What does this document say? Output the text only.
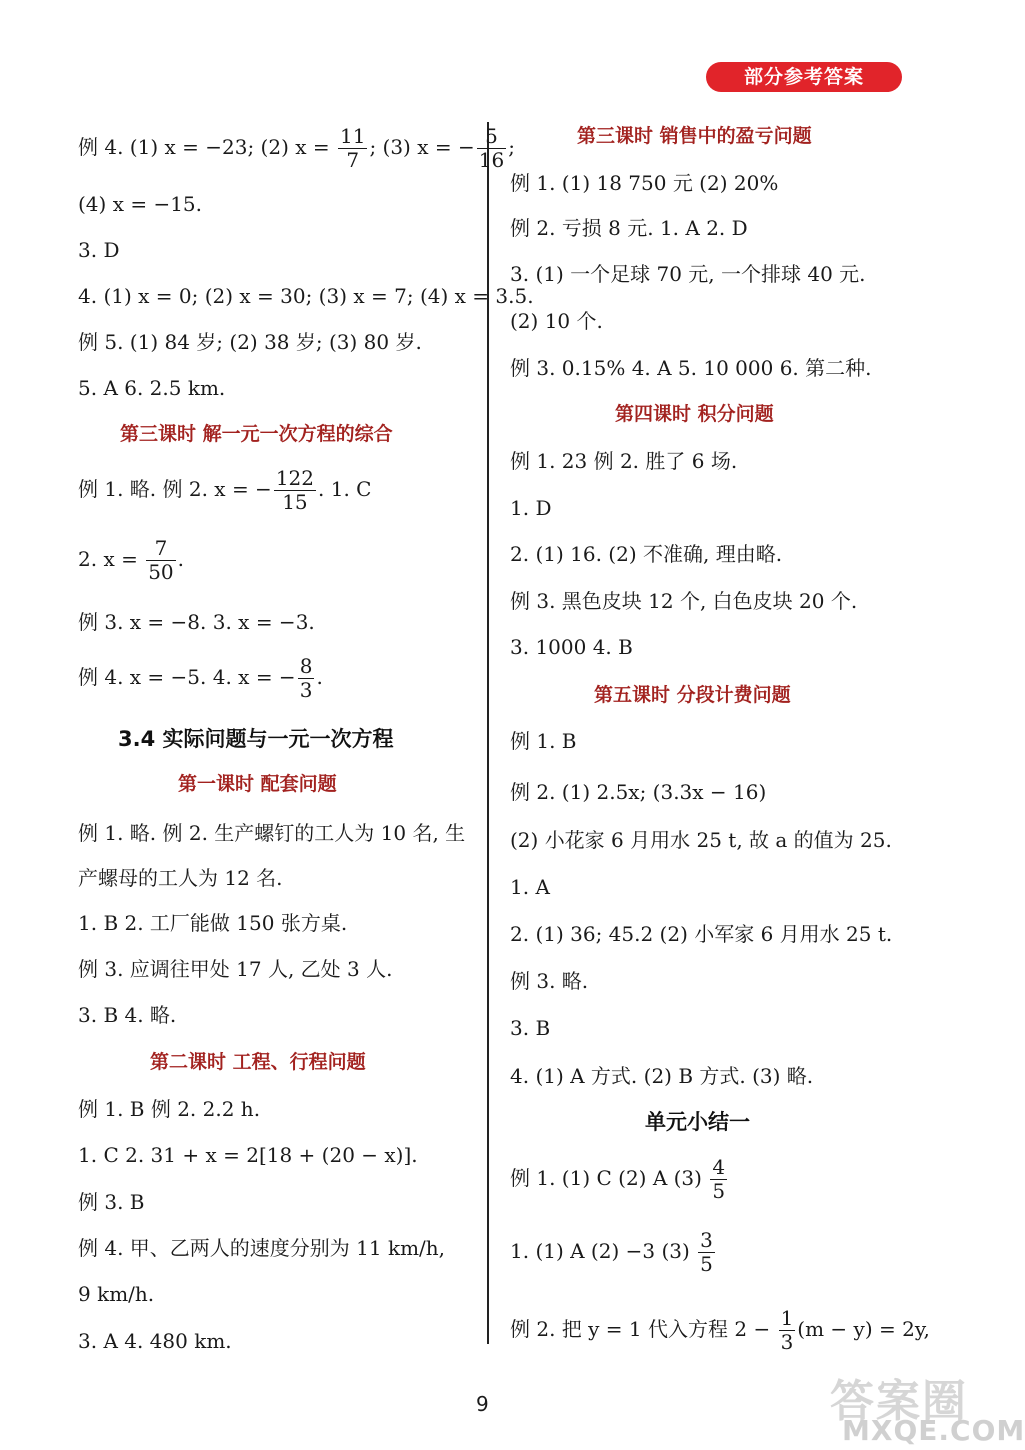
部分参考答案
例 4. (1) x = −23; (2) $x = \frac{11}{7}$ ; (3) x = − $\frac{5}{16}$ ;
(4) x = −15.
3. D
4. (1) x = 0; (2) x = 30; (3) x = 7; (4) x = 3.5.
例 5. (1) 84 岁; (2) 38 岁; (3) 80 岁.
5. A 6. 2.5 km.
第三课时 解一元一次方程的综合
例 1. 略. 例 2. x = − $\frac{122}{15}$ . 1. C
2. $x = \frac{7}{50}$ .
例 3. x = −8. 3. x = −3.
例 4. x = −5. 4. x = − $\frac{8}{3}$ .
3.4 实际问题与一元一次方程
第一课时 配套问题
例 1. 略. 例 2. 生产螺钉的工人为 10 名, 生
产螺母的工人为 12 名.
1. B 2. 工厂能做 150 张方桌.
例 3. 应调往甲处 17 人, 乙处 3 人.
3. B 4. 略.
第二课时 工程、行程问题
例 1. B 例 2. 2.2 h.
1. C 2. 31 + x = 2[18 + (20 − x)].
例 3. B
例 4. 甲、乙两人的速度分别为 11 km/h,
9 km/h.
3. A 4. 480 km.
第三课时 销售中的盈亏问题
例 1. (1) 18 750 元 (2) 20%
例 2. 亏损 8 元. 1. A 2. D
3. (1) 一个足球 70 元, 一个排球 40 元.
(2) 10 个.
例 3. 0.15% 4. A 5. 10 000 6. 第二种.
第四课时 积分问题
例 1. 23 例 2. 胜了 6 场.
1. D
2. (1) 16. (2) 不准确, 理由略.
例 3. 黑色皮块 12 个, 白色皮块 20 个.
3. 1000 4. B
第五课时 分段计费问题
例 1. B
例 2. (1) 2.5x; (3.3x − 16)
(2) 小花家 6 月用水 25 t, 故 a 的值为 25.
1. A
2. (1) 36; 45.2 (2) 小军家 6 月用水 25 t.
例 3. 略.
3. B
4. (1) A 方式. (2) B 方式. (3) 略.
单元小结一
例 1. (1) C (2) A $(3) \frac{4}{5}$
1. (1) A (2) −3 $(3) \frac{3}{5}$
例 2. 把 y = 1 代入方程 $2 - \frac{1}{3} (m - y) = 2y$,
9	答案圈
MXQE.COM
